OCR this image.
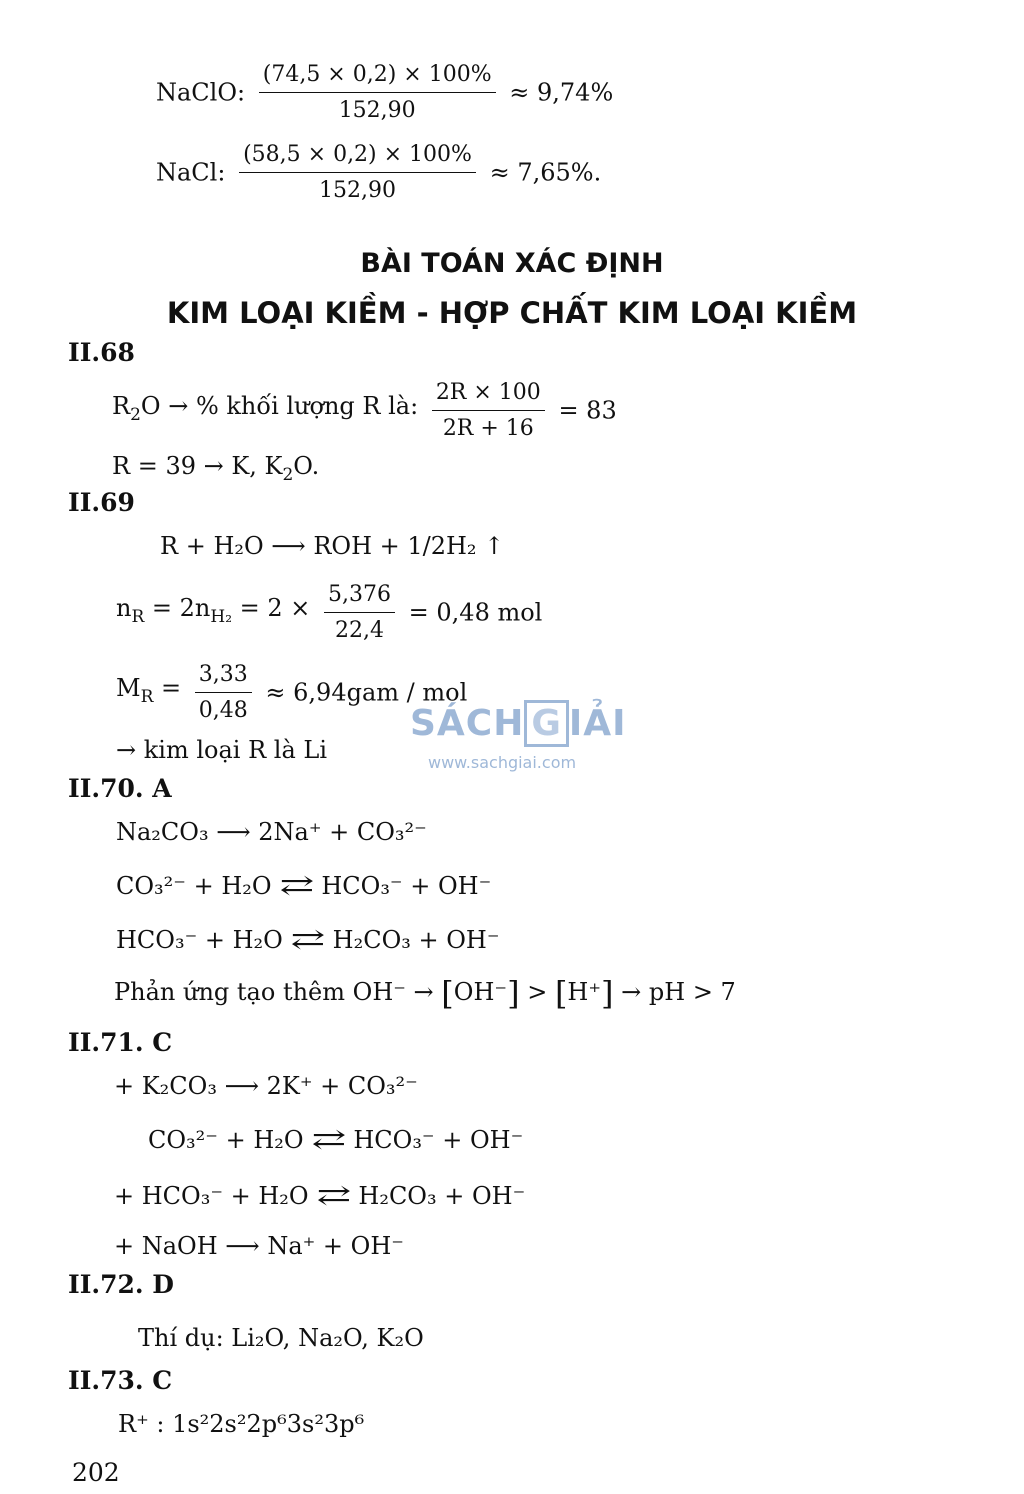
NaClO: $\frac{(74,5 \times 0,2) \times 100\%}{152,90} \approx 9,74\%$
NaCl: $\frac{(58,5 \times 0,2) \times 100\%}{152,90} \approx 7,65\%$.
BÀI TOÁN XÁC ĐỊNH
KIM LOẠI KIỀM - HỢP CHẤT KIM LOẠI KIỀM
II.68
$R_2O$ → % khối lượng R là: $\frac{2R \times 100}{2R + 16} = 83$
R = 39 → K, $K_2O$.
II.69
R + H₂O ⟶ ROH + 1/2H₂ ↑
$n_R = 2n_{H_2} = 2 \times \frac{5,376}{22,4} = 0,48$ mol
$M_R = \frac{3,33}{0,48} \approx 6,94gam$ / mol
→ kim loại R là Li
SÁCH G IẢI
www.sachgiai.com
II.70. A
Na₂CO₃ ⟶ 2Na⁺ + CO₃²⁻
CO₃²⁻ + H₂O ⇄ HCO₃⁻ + OH⁻
HCO₃⁻ + H₂O ⇄ H₂CO₃ + OH⁻
Phản ứng tạo thêm OH⁻ → [OH⁻] > [H⁺] → pH > 7
II.71. C
+ K₂CO₃ ⟶ 2K⁺ + CO₃²⁻
CO₃²⁻ + H₂O ⇄ HCO₃⁻ + OH⁻
+ HCO₃⁻ + H₂O ⇄ H₂CO₃ + OH⁻
+ NaOH ⟶ Na⁺ + OH⁻
II.72. D
Thí dụ: Li₂O, Na₂O, K₂O
II.73. C
R⁺ : 1s²2s²2p⁶3s²3p⁶
202
